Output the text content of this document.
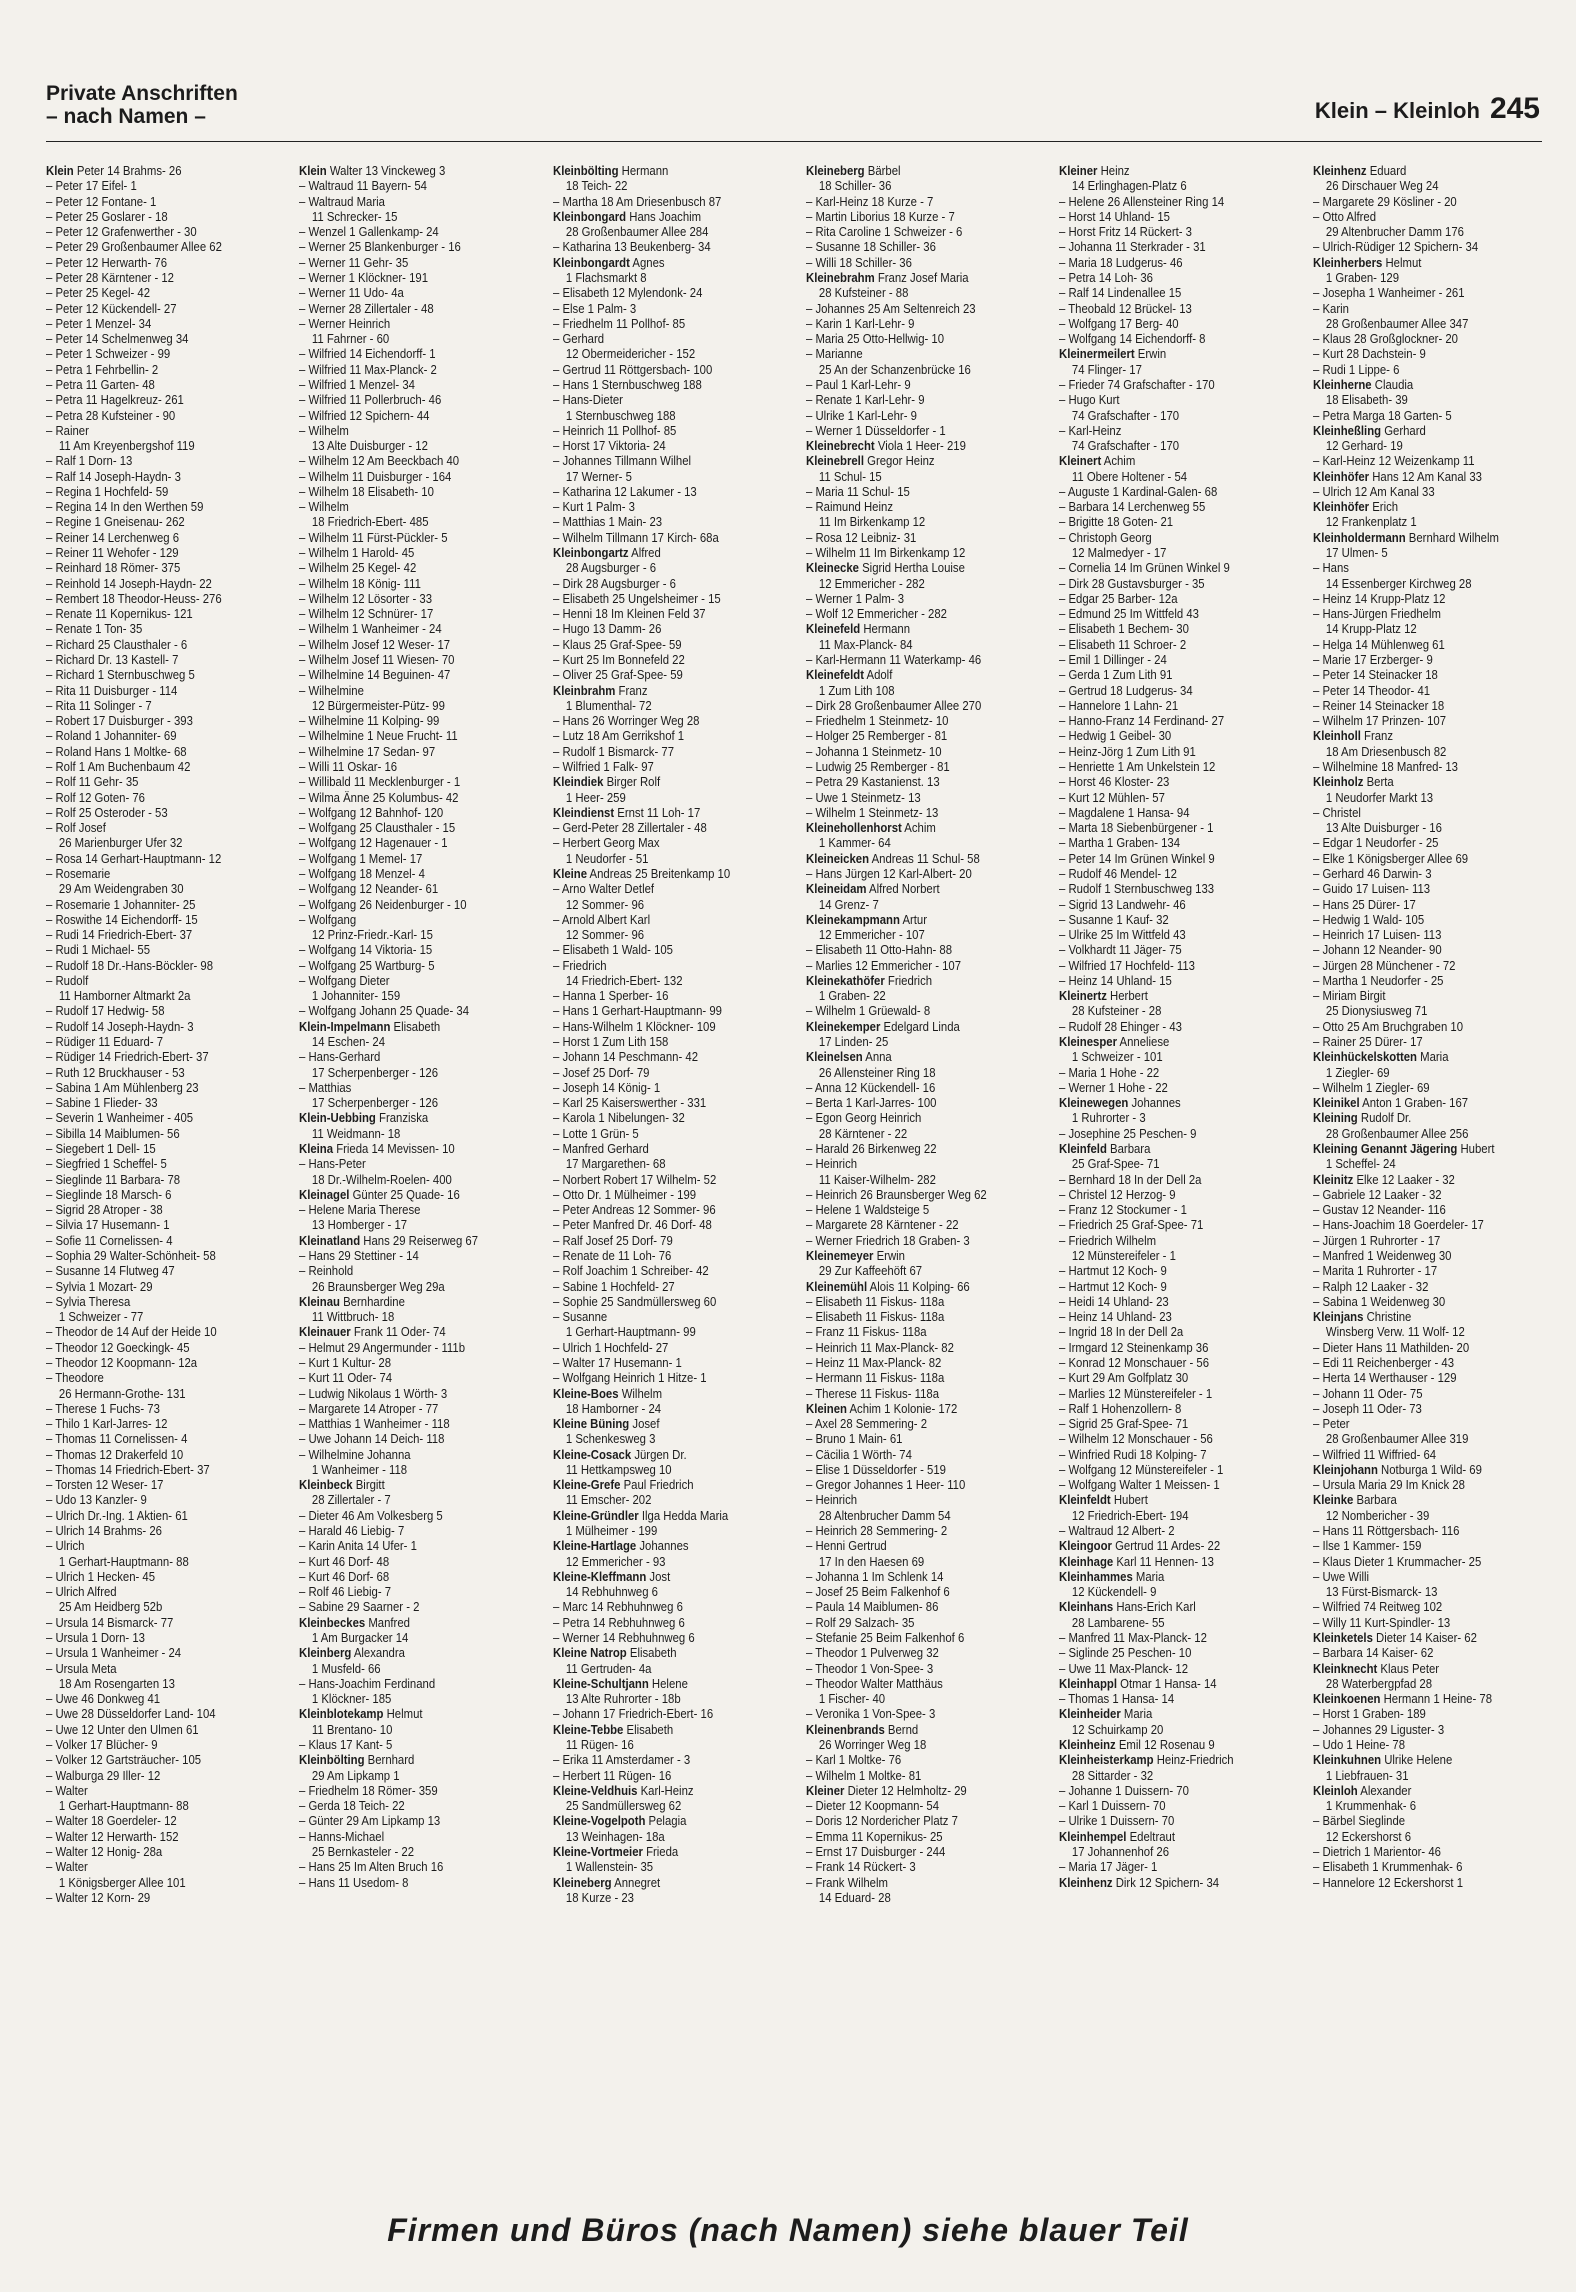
Private Anschriften
– nach Namen –	Klein – Kleinloh 245
Klein Peter 14 Brahms- 26
– Peter 17 Eifel- 1
– Peter 12 Fontane- 1
– Peter 25 Goslarer - 18
– Peter 12 Grafenwerther - 30
– Peter 29 Großenbaumer Allee 62
– Peter 12 Herwarth- 76
– Peter 28 Kärntener - 12
– Peter 25 Kegel- 42
– Peter 12 Kückendell- 27
– Peter 1 Menzel- 34
– Peter 14 Schelmenweg 34
– Peter 1 Schweizer - 99
– Petra 1 Fehrbellin- 2
– Petra 11 Garten- 48
– Petra 11 Hagelkreuz- 261
– Petra 28 Kufsteiner - 90
– Rainer
11 Am Kreyenbergshof 119
– Ralf 1 Dorn- 13
– Ralf 14 Joseph-Haydn- 3
– Regina 1 Hochfeld- 59
– Regina 14 In den Werthen 59
– Regine 1 Gneisenau- 262
– Reiner 14 Lerchenweg 6
– Reiner 11 Wehofer - 129
– Reinhard 18 Römer- 375
– Reinhold 14 Joseph-Haydn- 22
– Rembert 18 Theodor-Heuss- 276
– Renate 11 Kopernikus- 121
– Renate 1 Ton- 35
– Richard 25 Clausthaler - 6
– Richard Dr. 13 Kastell- 7
– Richard 1 Sternbuschweg 5
– Rita 11 Duisburger - 114
– Rita 11 Solinger - 7
– Robert 17 Duisburger - 393
– Roland 1 Johanniter- 69
– Roland Hans 1 Moltke- 68
– Rolf 1 Am Buchenbaum 42
– Rolf 11 Gehr- 35
– Rolf 12 Goten- 76
– Rolf 25 Osteroder - 53
– Rolf Josef
26 Marienburger Ufer 32
– Rosa 14 Gerhart-Hauptmann- 12
– Rosemarie
29 Am Weidengraben 30
– Rosemarie 1 Johanniter- 25
– Roswithe 14 Eichendorff- 15
– Rudi 14 Friedrich-Ebert- 37
– Rudi 1 Michael- 55
– Rudolf 18 Dr.-Hans-Böckler- 98
– Rudolf
11 Hamborner Altmarkt 2a
– Rudolf 17 Hedwig- 58
– Rudolf 14 Joseph-Haydn- 3
– Rüdiger 11 Eduard- 7
– Rüdiger 14 Friedrich-Ebert- 37
– Ruth 12 Bruckhauser - 53
– Sabina 1 Am Mühlenberg 23
– Sabine 1 Flieder- 33
– Severin 1 Wanheimer - 405
– Sibilla 14 Maiblumen- 56
– Siegebert 1 Dell- 15
– Siegfried 1 Scheffel- 5
– Sieglinde 11 Barbara- 78
– Sieglinde 18 Marsch- 6
– Sigrid 28 Atroper - 38
– Silvia 17 Husemann- 1
– Sofie 11 Cornelissen- 4
– Sophia 29 Walter-Schönheit- 58
– Susanne 14 Flutweg 47
– Sylvia 1 Mozart- 29
– Sylvia Theresa
1 Schweizer - 77
– Theodor de 14 Auf der Heide 10
– Theodor 12 Goeckingk- 45
– Theodor 12 Koopmann- 12a
– Theodore
26 Hermann-Grothe- 131
– Therese 1 Fuchs- 73
– Thilo 1 Karl-Jarres- 12
– Thomas 11 Cornelissen- 4
– Thomas 12 Drakerfeld 10
– Thomas 14 Friedrich-Ebert- 37
– Torsten 12 Weser- 17
– Udo 13 Kanzler- 9
– Ulrich Dr.-Ing. 1 Aktien- 61
– Ulrich 14 Brahms- 26
– Ulrich
1 Gerhart-Hauptmann- 88
– Ulrich 1 Hecken- 45
– Ulrich Alfred
25 Am Heidberg 52b
– Ursula 14 Bismarck- 77
– Ursula 1 Dorn- 13
– Ursula 1 Wanheimer - 24
– Ursula Meta
18 Am Rosengarten 13
– Uwe 46 Donkweg 41
– Uwe 28 Düsseldorfer Land- 104
– Uwe 12 Unter den Ulmen 61
– Volker 17 Blücher- 9
– Volker 12 Gartsträucher- 105
– Walburga 29 Iller- 12
– Walter
1 Gerhart-Hauptmann- 88
– Walter 18 Goerdeler- 12
– Walter 12 Herwarth- 152
– Walter 12 Honig- 28a
– Walter
1 Königsberger Allee 101
– Walter 12 Korn- 29
Klein Walter 13 Vinckeweg 3
– Waltraud 11 Bayern- 54
– Waltraud Maria
11 Schrecker- 15
– Wenzel 1 Gallenkamp- 24
– Werner 25 Blankenburger - 16
– Werner 11 Gehr- 35
– Werner 1 Klöckner- 191
– Werner 11 Udo- 4a
– Werner 28 Zillertaler - 48
– Werner Heinrich
11 Fahrner - 60
– Wilfried 14 Eichendorff- 1
– Wilfried 11 Max-Planck- 2
– Wilfried 1 Menzel- 34
– Wilfried 11 Pollerbruch- 46
– Wilfried 12 Spichern- 44
– Wilhelm
13 Alte Duisburger - 12
– Wilhelm 12 Am Beeckbach 40
– Wilhelm 11 Duisburger - 164
– Wilhelm 18 Elisabeth- 10
– Wilhelm
18 Friedrich-Ebert- 485
– Wilhelm 11 Fürst-Pückler- 5
– Wilhelm 1 Harold- 45
– Wilhelm 25 Kegel- 42
– Wilhelm 18 König- 111
– Wilhelm 12 Lösorter - 33
– Wilhelm 12 Schnürer- 17
– Wilhelm 1 Wanheimer - 24
– Wilhelm Josef 12 Weser- 17
– Wilhelm Josef 11 Wiesen- 70
– Wilhelmine 14 Beguinen- 47
– Wilhelmine
12 Bürgermeister-Pütz- 99
– Wilhelmine 11 Kolping- 99
– Wilhelmine 1 Neue Frucht- 11
– Wilhelmine 17 Sedan- 97
– Willi 11 Oskar- 16
– Willibald 11 Mecklenburger - 1
– Wilma Änne 25 Kolumbus- 42
– Wolfgang 12 Bahnhof- 120
– Wolfgang 25 Clausthaler - 15
– Wolfgang 12 Hagenauer - 1
– Wolfgang 1 Memel- 17
– Wolfgang 18 Menzel- 4
– Wolfgang 12 Neander- 61
– Wolfgang 26 Neidenburger - 10
– Wolfgang
12 Prinz-Friedr.-Karl- 15
– Wolfgang 14 Viktoria- 15
– Wolfgang 25 Wartburg- 5
– Wolfgang Dieter
1 Johanniter- 159
– Wolfgang Johann 25 Quade- 34
Klein-Impelmann Elisabeth
14 Eschen- 24
– Hans-Gerhard
17 Scherpenberger - 126
– Matthias
17 Scherpenberger - 126
Klein-Uebbing Franziska
11 Weidmann- 18
Kleina Frieda 14 Mevissen- 10
– Hans-Peter
18 Dr.-Wilhelm-Roelen- 400
Kleinagel Günter 25 Quade- 16
– Helene Maria Therese
13 Homberger - 17
Kleinatland Hans 29 Reiserweg 67
– Hans 29 Stettiner - 14
– Reinhold
26 Braunsberger Weg 29a
Kleinau Bernhardine
11 Wittbruch- 18
Kleinauer Frank 11 Oder- 74
– Helmut 29 Angermunder - 111b
– Kurt 1 Kultur- 28
– Kurt 11 Oder- 74
– Ludwig Nikolaus 1 Wörth- 3
– Margarete 14 Atroper - 77
– Matthias 1 Wanheimer - 118
– Uwe Johann 14 Deich- 118
– Wilhelmine Johanna
1 Wanheimer - 118
Kleinbeck Birgitt
28 Zillertaler - 7
– Dieter 46 Am Volkesberg 5
– Harald 46 Liebig- 7
– Karin Anita 14 Ufer- 1
– Kurt 46 Dorf- 48
– Kurt 46 Dorf- 68
– Rolf 46 Liebig- 7
– Sabine 29 Saarner - 2
Kleinbeckes Manfred
1 Am Burgacker 14
Kleinberg Alexandra
1 Musfeld- 66
– Hans-Joachim Ferdinand
1 Klöckner- 185
Kleinblotekamp Helmut
11 Brentano- 10
– Klaus 17 Kant- 5
Kleinbölting Bernhard
29 Am Lipkamp 1
– Friedhelm 18 Römer- 359
– Gerda 18 Teich- 22
– Günter 29 Am Lipkamp 13
– Hanns-Michael
25 Bernkasteler - 22
– Hans 25 Im Alten Bruch 16
– Hans 11 Usedom- 8
Kleinbölting Hermann
18 Teich- 22
– Martha 18 Am Driesenbusch 87
Kleinbongard Hans Joachim
28 Großenbaumer Allee 284
– Katharina 13 Beukenberg- 34
Kleinbongardt Agnes
1 Flachsmarkt 8
– Elisabeth 12 Mylendonk- 24
– Else 1 Palm- 3
– Friedhelm 11 Pollhof- 85
– Gerhard
12 Obermeidericher - 152
– Gertrud 11 Röttgersbach- 100
– Hans 1 Sternbuschweg 188
– Hans-Dieter
1 Sternbuschweg 188
– Heinrich 11 Pollhof- 85
– Horst 17 Viktoria- 24
– Johannes Tillmann Wilhel
17 Werner- 5
– Katharina 12 Lakumer - 13
– Kurt 1 Palm- 3
– Matthias 1 Main- 23
– Wilhelm Tillmann 17 Kirch- 68a
Kleinbongartz Alfred
28 Augsburger - 6
– Dirk 28 Augsburger - 6
– Elisabeth 25 Ungelsheimer - 15
– Henni 18 Im Kleinen Feld 37
– Hugo 13 Damm- 26
– Klaus 25 Graf-Spee- 59
– Kurt 25 Im Bonnefeld 22
– Oliver 25 Graf-Spee- 59
Kleinbrahm Franz
1 Blumenthal- 72
– Hans 26 Worringer Weg 28
– Lutz 18 Am Gerrikshof 1
– Rudolf 1 Bismarck- 77
– Wilfried 1 Falk- 97
Kleindiek Birger Rolf
1 Heer- 259
Kleindienst Ernst 11 Loh- 17
– Gerd-Peter 28 Zillertaler - 48
– Herbert Georg Max
1 Neudorfer - 51
Kleine Andreas 25 Breitenkamp 10
– Arno Walter Detlef
12 Sommer- 96
– Arnold Albert Karl
12 Sommer- 96
– Elisabeth 1 Wald- 105
– Friedrich
14 Friedrich-Ebert- 132
– Hanna 1 Sperber- 16
– Hans 1 Gerhart-Hauptmann- 99
– Hans-Wilhelm 1 Klöckner- 109
– Horst 1 Zum Lith 158
– Johann 14 Peschmann- 42
– Josef 25 Dorf- 79
– Joseph 14 König- 1
– Karl 25 Kaiserswerther - 331
– Karola 1 Nibelungen- 32
– Lotte 1 Grün- 5
– Manfred Gerhard
17 Margarethen- 68
– Norbert Robert 17 Wilhelm- 52
– Otto Dr. 1 Mülheimer - 199
– Peter Andreas 12 Sommer- 96
– Peter Manfred Dr. 46 Dorf- 48
– Ralf Josef 25 Dorf- 79
– Renate de 11 Loh- 76
– Rolf Joachim 1 Schreiber- 42
– Sabine 1 Hochfeld- 27
– Sophie 25 Sandmüllersweg 60
– Susanne
1 Gerhart-Hauptmann- 99
– Ulrich 1 Hochfeld- 27
– Walter 17 Husemann- 1
– Wolfgang Heinrich 1 Hitze- 1
Kleine-Boes Wilhelm
18 Hamborner - 24
Kleine Büning Josef
1 Schenkesweg 3
Kleine-Cosack Jürgen Dr.
11 Hettkampsweg 10
Kleine-Grefe Paul Friedrich
11 Emscher- 202
Kleine-Gründler Ilga Hedda Maria
1 Mülheimer - 199
Kleine-Hartlage Johannes
12 Emmericher - 93
Kleine-Kleffmann Jost
14 Rebhuhnweg 6
– Marc 14 Rebhuhnweg 6
– Petra 14 Rebhuhnweg 6
– Werner 14 Rebhuhnweg 6
Kleine Natrop Elisabeth
11 Gertruden- 4a
Kleine-Schultjann Helene
13 Alte Ruhrorter - 18b
– Johann 17 Friedrich-Ebert- 16
Kleine-Tebbe Elisabeth
11 Rügen- 16
– Erika 11 Amsterdamer - 3
– Herbert 11 Rügen- 16
Kleine-Veldhuis Karl-Heinz
25 Sandmüllersweg 62
Kleine-Vogelpoth Pelagia
13 Weinhagen- 18a
Kleine-Vortmeier Frieda
1 Wallenstein- 35
Kleineberg Annegret
18 Kurze - 23
Kleineberg Bärbel
18 Schiller- 36
– Karl-Heinz 18 Kurze - 7
– Martin Liborius 18 Kurze - 7
– Rita Caroline 1 Schweizer - 6
– Susanne 18 Schiller- 36
– Willi 18 Schiller- 36
Kleinebrahm Franz Josef Maria
28 Kufsteiner - 88
– Johannes 25 Am Seltenreich 23
– Karin 1 Karl-Lehr- 9
– Maria 25 Otto-Hellwig- 10
– Marianne
25 An der Schanzenbrücke 16
– Paul 1 Karl-Lehr- 9
– Renate 1 Karl-Lehr- 9
– Ulrike 1 Karl-Lehr- 9
– Werner 1 Düsseldorfer - 1
Kleinebrecht Viola 1 Heer- 219
Kleinebrell Gregor Heinz
11 Schul- 15
– Maria 11 Schul- 15
– Raimund Heinz
11 Im Birkenkamp 12
– Rosa 12 Leibniz- 31
– Wilhelm 11 Im Birkenkamp 12
Kleinecke Sigrid Hertha Louise
12 Emmericher - 282
– Werner 1 Palm- 3
– Wolf 12 Emmericher - 282
Kleinefeld Hermann
11 Max-Planck- 84
– Karl-Hermann 11 Waterkamp- 46
Kleinefeldt Adolf
1 Zum Lith 108
– Dirk 28 Großenbaumer Allee 270
– Friedhelm 1 Steinmetz- 10
– Holger 25 Remberger - 81
– Johanna 1 Steinmetz- 10
– Ludwig 25 Remberger - 81
– Petra 29 Kastanienst. 13
– Uwe 1 Steinmetz- 13
– Wilhelm 1 Steinmetz- 13
Kleinehollenhorst Achim
1 Kammer- 64
Kleineicken Andreas 11 Schul- 58
– Hans Jürgen 12 Karl-Albert- 20
Kleineidam Alfred Norbert
14 Grenz- 7
Kleinekampmann Artur
12 Emmericher - 107
– Elisabeth 11 Otto-Hahn- 88
– Marlies 12 Emmericher - 107
Kleinekathöfer Friedrich
1 Graben- 22
– Wilhelm 1 Grüewald- 8
Kleinekemper Edelgard Linda
17 Linden- 25
Kleinelsen Anna
26 Allensteiner Ring 18
– Anna 12 Kückendell- 16
– Berta 1 Karl-Jarres- 100
– Egon Georg Heinrich
28 Kärntener - 22
– Harald 26 Birkenweg 22
– Heinrich
11 Kaiser-Wilhelm- 282
– Heinrich 26 Braunsberger Weg 62
– Helene 1 Waldsteige 5
– Margarete 28 Kärntener - 22
– Werner Friedrich 18 Graben- 3
Kleinemeyer Erwin
29 Zur Kaffeehöft 67
Kleinemühl Alois 11 Kolping- 66
– Elisabeth 11 Fiskus- 118a
– Elisabeth 11 Fiskus- 118a
– Franz 11 Fiskus- 118a
– Heinrich 11 Max-Planck- 82
– Heinz 11 Max-Planck- 82
– Hermann 11 Fiskus- 118a
– Therese 11 Fiskus- 118a
Kleinen Achim 1 Kolonie- 172
– Axel 28 Semmering- 2
– Bruno 1 Main- 61
– Cäcilia 1 Wörth- 74
– Elise 1 Düsseldorfer - 519
– Gregor Johannes 1 Heer- 110
– Heinrich
28 Altenbrucher Damm 54
– Heinrich 28 Semmering- 2
– Henni Gertrud
17 In den Haesen 69
– Johanna 1 Im Schlenk 14
– Josef 25 Beim Falkenhof 6
– Paula 14 Maiblumen- 86
– Rolf 29 Salzach- 35
– Stefanie 25 Beim Falkenhof 6
– Theodor 1 Pulverweg 32
– Theodor 1 Von-Spee- 3
– Theodor Walter Matthäus
1 Fischer- 40
– Veronika 1 Von-Spee- 3
Kleinenbrands Bernd
26 Worringer Weg 18
– Karl 1 Moltke- 76
– Wilhelm 1 Moltke- 81
Kleiner Dieter 12 Helmholtz- 29
– Dieter 12 Koopmann- 54
– Doris 12 Nordericher Platz 7
– Emma 11 Kopernikus- 25
– Ernst 17 Duisburger - 244
– Frank 14 Rückert- 3
– Frank Wilhelm
14 Eduard- 28
Kleiner Heinz
14 Erlinghagen-Platz 6
– Helene 26 Allensteiner Ring 14
– Horst 14 Uhland- 15
– Horst Fritz 14 Rückert- 3
– Johanna 11 Sterkrader - 31
– Maria 18 Ludgerus- 46
– Petra 14 Loh- 36
– Ralf 14 Lindenallee 15
– Theobald 12 Brückel- 13
– Wolfgang 17 Berg- 40
– Wolfgang 14 Eichendorff- 8
Kleinermeilert Erwin
74 Flinger- 17
– Frieder 74 Grafschafter - 170
– Hugo Kurt
74 Grafschafter - 170
– Karl-Heinz
74 Grafschafter - 170
Kleinert Achim
11 Obere Holtener - 54
– Auguste 1 Kardinal-Galen- 68
– Barbara 14 Lerchenweg 55
– Brigitte 18 Goten- 21
– Christoph Georg
12 Malmedyer - 17
– Cornelia 14 Im Grünen Winkel 9
– Dirk 28 Gustavsburger - 35
– Edgar 25 Barber- 12a
– Edmund 25 Im Wittfeld 43
– Elisabeth 1 Bechem- 30
– Elisabeth 11 Schroer- 2
– Emil 1 Dillinger - 24
– Gerda 1 Zum Lith 91
– Gertrud 18 Ludgerus- 34
– Hannelore 1 Lahn- 21
– Hanno-Franz 14 Ferdinand- 27
– Hedwig 1 Geibel- 30
– Heinz-Jörg 1 Zum Lith 91
– Henriette 1 Am Unkelstein 12
– Horst 46 Kloster- 23
– Kurt 12 Mühlen- 57
– Magdalene 1 Hansa- 94
– Marta 18 Siebenbürgener - 1
– Martha 1 Graben- 134
– Peter 14 Im Grünen Winkel 9
– Rudolf 46 Mendel- 12
– Rudolf 1 Sternbuschweg 133
– Sigrid 13 Landwehr- 46
– Susanne 1 Kauf- 32
– Ulrike 25 Im Wittfeld 43
– Volkhardt 11 Jäger- 75
– Wilfried 17 Hochfeld- 113
– Heinz 14 Uhland- 15
Kleinertz Herbert
28 Kufsteiner - 28
– Rudolf 28 Ehinger - 43
Kleinesper Anneliese
1 Schweizer - 101
– Maria 1 Hohe - 22
– Werner 1 Hohe - 22
Kleinewegen Johannes
1 Ruhrorter - 3
– Josephine 25 Peschen- 9
Kleinfeld Barbara
25 Graf-Spee- 71
– Bernhard 18 In der Dell 2a
– Christel 12 Herzog- 9
– Franz 12 Stockumer - 1
– Friedrich 25 Graf-Spee- 71
– Friedrich Wilhelm
12 Münstereifeler - 1
– Hartmut 12 Koch- 9
– Hartmut 12 Koch- 9
– Heidi 14 Uhland- 23
– Heinz 14 Uhland- 23
– Ingrid 18 In der Dell 2a
– Irmgard 12 Steinenkamp 36
– Konrad 12 Monschauer - 56
– Kurt 29 Am Golfplatz 30
– Marlies 12 Münstereifeler - 1
– Ralf 1 Hohenzollern- 8
– Sigrid 25 Graf-Spee- 71
– Wilhelm 12 Monschauer - 56
– Winfried Rudi 18 Kolping- 7
– Wolfgang 12 Münstereifeler - 1
– Wolfgang Walter 1 Meissen- 1
Kleinfeldt Hubert
12 Friedrich-Ebert- 194
– Waltraud 12 Albert- 2
Kleingoor Gertrud 11 Ardes- 22
Kleinhage Karl 11 Hennen- 13
Kleinhammes Maria
12 Kückendell- 9
Kleinhans Hans-Erich Karl
28 Lambarene- 55
– Manfred 11 Max-Planck- 12
– Siglinde 25 Peschen- 10
– Uwe 11 Max-Planck- 12
Kleinhappl Otmar 1 Hansa- 14
– Thomas 1 Hansa- 14
Kleinheider Maria
12 Schuirkamp 20
Kleinheinz Emil 12 Rosenau 9
Kleinheisterkamp Heinz-Friedrich
28 Sittarder - 32
– Johanne 1 Duissern- 70
– Karl 1 Duissern- 70
– Ulrike 1 Duissern- 70
Kleinhempel Edeltraut
17 Johannenhof 26
– Maria 17 Jäger- 1
Kleinhenz Dirk 12 Spichern- 34
Kleinhenz Eduard
26 Dirschauer Weg 24
– Margarete 29 Kösliner - 20
– Otto Alfred
29 Altenbrucher Damm 176
– Ulrich-Rüdiger 12 Spichern- 34
Kleinherbers Helmut
1 Graben- 129
– Josepha 1 Wanheimer - 261
– Karin
28 Großenbaumer Allee 347
– Klaus 28 Großglockner- 20
– Kurt 28 Dachstein- 9
– Rudi 1 Lippe- 6
Kleinherne Claudia
18 Elisabeth- 39
– Petra Marga 18 Garten- 5
Kleinheßling Gerhard
12 Gerhard- 19
– Karl-Heinz 12 Weizenkamp 11
Kleinhöfer Hans 12 Am Kanal 33
– Ulrich 12 Am Kanal 33
Kleinhöfer Erich
12 Frankenplatz 1
Kleinholdermann Bernhard Wilhelm
17 Ulmen- 5
– Hans
14 Essenberger Kirchweg 28
– Heinz 14 Krupp-Platz 12
– Hans-Jürgen Friedhelm
14 Krupp-Platz 12
– Helga 14 Mühlenweg 61
– Marie 17 Erzberger- 9
– Peter 14 Steinacker 18
– Peter 14 Theodor- 41
– Reiner 14 Steinacker 18
– Wilhelm 17 Prinzen- 107
Kleinholl Franz
18 Am Driesenbusch 82
– Wilhelmine 18 Manfred- 13
Kleinholz Berta
1 Neudorfer Markt 13
– Christel
13 Alte Duisburger - 16
– Edgar 1 Neudorfer - 25
– Elke 1 Königsberger Allee 69
– Gerhard 46 Darwin- 3
– Guido 17 Luisen- 113
– Hans 25 Dürer- 17
– Hedwig 1 Wald- 105
– Heinrich 17 Luisen- 113
– Johann 12 Neander- 90
– Jürgen 28 Münchener - 72
– Martha 1 Neudorfer - 25
– Miriam Birgit
25 Dionysiusweg 71
– Otto 25 Am Bruchgraben 10
– Rainer 25 Dürer- 17
Kleinhückelskotten Maria
1 Ziegler- 69
– Wilhelm 1 Ziegler- 69
Kleinikel Anton 1 Graben- 167
Kleining Rudolf Dr.
28 Großenbaumer Allee 256
Kleining Genannt Jägering Hubert
1 Scheffel- 24
Kleinitz Elke 12 Laaker - 32
– Gabriele 12 Laaker - 32
– Gustav 12 Neander- 116
– Hans-Joachim 18 Goerdeler- 17
– Jürgen 1 Ruhrorter - 17
– Manfred 1 Weidenweg 30
– Marita 1 Ruhrorter - 17
– Ralph 12 Laaker - 32
– Sabina 1 Weidenweg 30
Kleinjans Christine
Winsberg Verw. 11 Wolf- 12
– Dieter Hans 11 Mathilden- 20
– Edi 11 Reichenberger - 43
– Herta 14 Werthauser - 129
– Johann 11 Oder- 75
– Joseph 11 Oder- 73
– Peter
28 Großenbaumer Allee 319
– Wilfried 11 Wiffried- 64
Kleinjohann Notburga 1 Wild- 69
– Ursula Maria 29 Im Knick 28
Kleinke Barbara
12 Nombericher - 39
– Hans 11 Röttgersbach- 116
– Ilse 1 Kammer- 159
– Klaus Dieter 1 Krummacher- 25
– Uwe Willi
13 Fürst-Bismarck- 13
– Wilfried 74 Reitweg 102
– Willy 11 Kurt-Spindler- 13
Kleinketels Dieter 14 Kaiser- 62
– Barbara 14 Kaiser- 62
Kleinknecht Klaus Peter
28 Waterbergpfad 28
Kleinkoenen Hermann 1 Heine- 78
– Horst 1 Graben- 189
– Johannes 29 Liguster- 3
– Udo 1 Heine- 78
Kleinkuhnen Ulrike Helene
1 Liebfrauen- 31
Kleinloh Alexander
1 Krummenhak- 6
– Bärbel Sieglinde
12 Eckershorst 6
– Dietrich 1 Marientor- 46
– Elisabeth 1 Krummenhak- 6
– Hannelore 12 Eckershorst 1
Firmen und Büros (nach Namen) siehe blauer Teil
